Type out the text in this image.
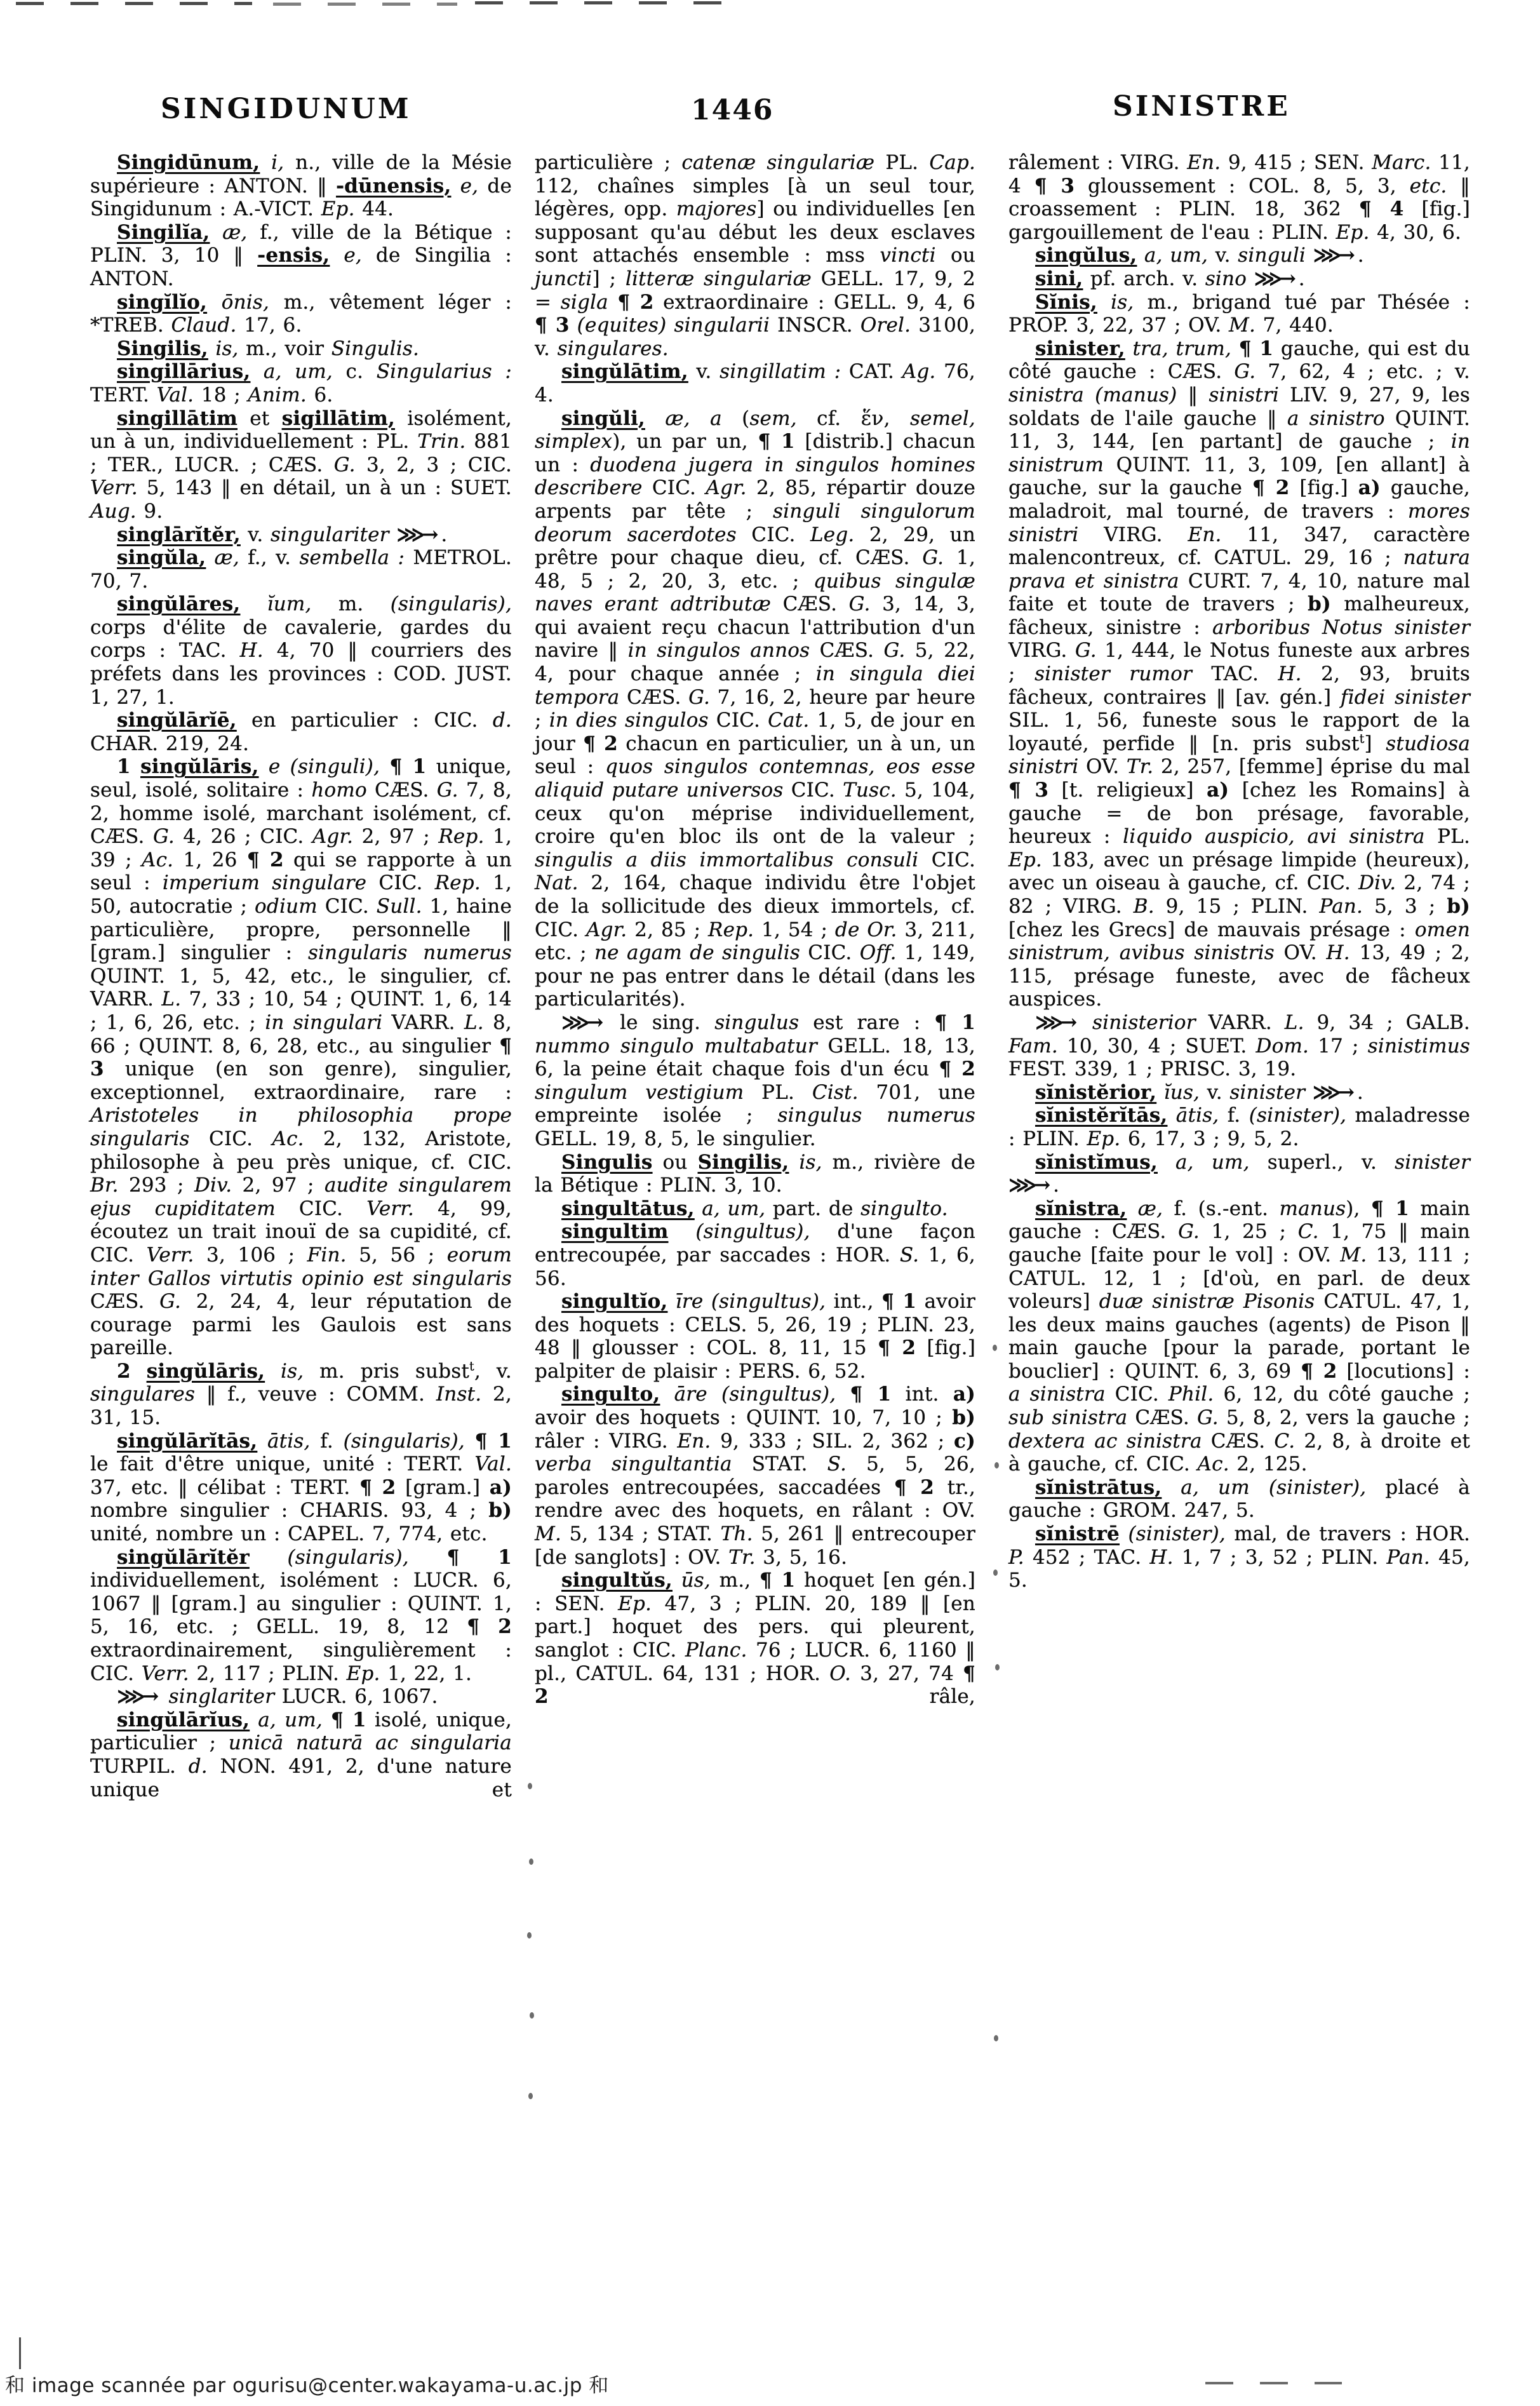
SINGIDUNUM	1446	SINISTRE

Singidūnum, i, n., ville de la Mésie supérieure : ANTON. ‖ -dūnensis, e, de Singidunum : A.-VICT. Ep. 44.

Singilĭa, æ, f., ville de la Bétique : PLIN. 3, 10 ‖ -ensis, e, de Singilia : ANTON.

singĭlĭo, ōnis, m., vêtement léger : *TREB. Claud. 17, 6.

Singilis, is, m., voir Singulis.

singillārius, a, um, c. Singularius : TERT. Val. 18 ; Anim. 6.

singillātim et sigillātim, isolément, un à un, individuellement : PL. Trin. 881 ; TER., LUCR. ; CÆS. G. 3, 2, 3 ; CIC. Verr. 5, 143 ‖ en détail, un à un : SUET. Aug. 9.

singlārĭtĕr, v. singulariter ⋙→ .

singŭla, æ, f., v. sembella : METROL. 70, 7.

singŭlāres, ĭum, m. (singularis), corps d'élite de cavalerie, gardes du corps : TAC. H. 4, 70 ‖ courriers des préfets dans les provinces : COD. JUST. 1, 27, 1.

singŭlārĭē, en particulier : CIC. d. CHAR. 219, 24.

1 singŭlāris, e (singuli), ¶ 1 unique, seul, isolé, solitaire : homo CÆS. G. 7, 8, 2, homme isolé, marchant isolément, cf. CÆS. G. 4, 26 ; CIC. Agr. 2, 97 ; Rep. 1, 39 ; Ac. 1, 26 ¶ 2 qui se rapporte à un seul : imperium singulare CIC. Rep. 1, 50, autocratie ; odium CIC. Sull. 1, haine particulière, propre, personnelle ‖ [gram.] singulier : singularis numerus QUINT. 1, 5, 42, etc., le singulier, cf. VARR. L. 7, 33 ; 10, 54 ; QUINT. 1, 6, 14 ; 1, 6, 26, etc. ; in singulari VARR. L. 8, 66 ; QUINT. 8, 6, 28, etc., au singulier ¶ 3 unique (en son genre), singulier, exceptionnel, extraordinaire, rare : Aristoteles in philosophia prope singularis CIC. Ac. 2, 132, Aristote, philosophe à peu près unique, cf. CIC. Br. 293 ; Div. 2, 97 ; audite singularem ejus cupiditatem CIC. Verr. 4, 99, écoutez un trait inouï de sa cupidité, cf. CIC. Verr. 3, 106 ; Fin. 5, 56 ; eorum inter Gallos virtutis opinio est singularis CÆS. G. 2, 24, 4, leur réputation de courage parmi les Gaulois est sans pareille.

2 singŭlāris, is, m. pris subst$^t$, v. singulares ‖ f., veuve : COMM. Inst. 2, 31, 15.

singŭlārĭtās, ātis, f. (singularis), ¶ 1 le fait d'être unique, unité : TERT. Val. 37, etc. ‖ célibat : TERT. ¶ 2 [gram.] a) nombre singulier : CHARIS. 93, 4 ; b) unité, nombre un : CAPEL. 7, 774, etc.

singŭlārĭtĕr (singularis), ¶ 1 individuellement, isolément : LUCR. 6, 1067 ‖ [gram.] au singulier : QUINT. 1, 5, 16, etc. ; GELL. 19, 8, 12 ¶ 2 extraordinairement, singulièrement : CIC. Verr. 2, 117 ; PLIN. Ep. 1, 22, 1.

⋙→ singlariter LUCR. 6, 1067.

singŭlārĭus, a, um, ¶ 1 isolé, unique, particulier ; unicā naturā ac singularia TURPIL. d. NON. 491, 2, d'une nature unique et

particulière ; catenæ singulariæ PL. Cap. 112, chaînes simples [à un seul tour, légères, opp. majores] ou individuelles [en supposant qu'au début les deux esclaves sont attachés ensemble : mss vincti ou juncti] ; litteræ singulariæ GELL. 17, 9, 2 = sigla ¶ 2 extraordinaire : GELL. 9, 4, 6 ¶ 3 (equites) singularii INSCR. Orel. 3100, v. singulares.

singŭlātim, v. singillatim : CAT. Ag. 76, 4.

singŭli, æ, a (sem, cf. ἕν, semel, simplex), un par un, ¶ 1 [distrib.] chacun un : duodena jugera in singulos homines describere CIC. Agr. 2, 85, répartir douze arpents par tête ; singuli singulorum deorum sacerdotes CIC. Leg. 2, 29, un prêtre pour chaque dieu, cf. CÆS. G. 1, 48, 5 ; 2, 20, 3, etc. ; quibus singulæ naves erant adtributæ CÆS. G. 3, 14, 3, qui avaient reçu chacun l'attribution d'un navire ‖ in singulos annos CÆS. G. 5, 22, 4, pour chaque année ; in singula diei tempora CÆS. G. 7, 16, 2, heure par heure ; in dies singulos CIC. Cat. 1, 5, de jour en jour ¶ 2 chacun en particulier, un à un, un seul : quos singulos contemnas, eos esse aliquid putare universos CIC. Tusc. 5, 104, ceux qu'on méprise individuellement, croire qu'en bloc ils ont de la valeur ; singulis a diis immortalibus consuli CIC. Nat. 2, 164, chaque individu être l'objet de la sollicitude des dieux immortels, cf. CIC. Agr. 2, 85 ; Rep. 1, 54 ; de Or. 3, 211, etc. ; ne agam de singulis CIC. Off. 1, 149, pour ne pas entrer dans le détail (dans les particularités).

⋙→ le sing. singulus est rare : ¶ 1 nummo singulo multabatur GELL. 18, 13, 6, la peine était chaque fois d'un écu ¶ 2 singulum vestigium PL. Cist. 701, une empreinte isolée ; singulus numerus GELL. 19, 8, 5, le singulier.

Singulis ou Singilis, is, m., rivière de la Bétique : PLIN. 3, 10.

singultātus, a, um, part. de singulto.

singultim (singultus), d'une façon entrecoupée, par saccades : HOR. S. 1, 6, 56.

singultĭo, īre (singultus), int., ¶ 1 avoir des hoquets : CELS. 5, 26, 19 ; PLIN. 23, 48 ‖ glousser : COL. 8, 11, 15 ¶ 2 [fig.] palpiter de plaisir : PERS. 6, 52.

singulto, āre (singultus), ¶ 1 int. a) avoir des hoquets : QUINT. 10, 7, 10 ; b) râler : VIRG. En. 9, 333 ; SIL. 2, 362 ; c) verba singultantia STAT. S. 5, 5, 26, paroles entrecoupées, saccadées ¶ 2 tr., rendre avec des hoquets, en râlant : OV. M. 5, 134 ; STAT. Th. 5, 261 ‖ entrecouper [de sanglots] : OV. Tr. 3, 5, 16.

singultŭs, ūs, m., ¶ 1 hoquet [en gén.] : SEN. Ep. 47, 3 ; PLIN. 20, 189 ‖ [en part.] hoquet des pers. qui pleurent, sanglot : CIC. Planc. 76 ; LUCR. 6, 1160 ‖ pl., CATUL. 64, 131 ; HOR. O. 3, 27, 74 ¶ 2 râle,

râlement : VIRG. En. 9, 415 ; SEN. Marc. 11, 4 ¶ 3 gloussement : COL. 8, 5, 3, etc. ‖ croassement : PLIN. 18, 362 ¶ 4 [fig.] gargouillement de l'eau : PLIN. Ep. 4, 30, 6.

singŭlus, a, um, v. singuli ⋙→ .

sini, pf. arch. v. sino ⋙→ .

Sĭnis, is, m., brigand tué par Thésée : PROP. 3, 22, 37 ; OV. M. 7, 440.

sinister, tra, trum, ¶ 1 gauche, qui est du côté gauche : CÆS. G. 7, 62, 4 ; etc. ; v. sinistra (manus) ‖ sinistri LIV. 9, 27, 9, les soldats de l'aile gauche ‖ a sinistro QUINT. 11, 3, 144, [en partant] de gauche ; in sinistrum QUINT. 11, 3, 109, [en allant] à gauche, sur la gauche ¶ 2 [fig.] a) gauche, maladroit, mal tourné, de travers : mores sinistri VIRG. En. 11, 347, caractère malencontreux, cf. CATUL. 29, 16 ; natura prava et sinistra CURT. 7, 4, 10, nature mal faite et toute de travers ; b) malheureux, fâcheux, sinistre : arboribus Notus sinister VIRG. G. 1, 444, le Notus funeste aux arbres ; sinister rumor TAC. H. 2, 93, bruits fâcheux, contraires ‖ [av. gén.] fidei sinister SIL. 1, 56, funeste sous le rapport de la loyauté, perfide ‖ [n. pris subst$^t$] studiosa sinistri OV. Tr. 2, 257, [femme] éprise du mal ¶ 3 [t. religieux] a) [chez les Romains] à gauche = de bon présage, favorable, heureux : liquido auspicio, avi sinistra PL. Ep. 183, avec un présage limpide (heureux), avec un oiseau à gauche, cf. CIC. Div. 2, 74 ; 82 ; VIRG. B. 9, 15 ; PLIN. Pan. 5, 3 ; b) [chez les Grecs] de mauvais présage : omen sinistrum, avibus sinistris OV. H. 13, 49 ; 2, 115, présage funeste, avec de fâcheux auspices.

⋙→ sinisterior VARR. L. 9, 34 ; GALB. Fam. 10, 30, 4 ; SUET. Dom. 17 ; sinistimus FEST. 339, 1 ; PRISC. 3, 19.

sĭnistĕrior, ĭus, v. sinister ⋙→ .

sĭnistĕrĭtās, ātis, f. (sinister), maladresse : PLIN. Ep. 6, 17, 3 ; 9, 5, 2.

sĭnistĭmus, a, um, superl., v. sinister ⋙→ .

sĭnistra, æ, f. (s.-ent. manus), ¶ 1 main gauche : CÆS. G. 1, 25 ; C. 1, 75 ‖ main gauche [faite pour le vol] : OV. M. 13, 111 ; CATUL. 12, 1 ; [d'où, en parl. de deux voleurs] duæ sinistræ Pisonis CATUL. 47, 1, les deux mains gauches (agents) de Pison ‖ main gauche [pour la parade, portant le bouclier] : QUINT. 6, 3, 69 ¶ 2 [locutions] : a sinistra CIC. Phil. 6, 12, du côté gauche ; sub sinistra CÆS. G. 5, 8, 2, vers la gauche ; dextera ac sinistra CÆS. C. 2, 8, à droite et à gauche, cf. CIC. Ac. 2, 125.

sĭnistrātus, a, um (sinister), placé à gauche : GROM. 247, 5.

sĭnistrē (sinister), mal, de travers : HOR. P. 452 ; TAC. H. 1, 7 ; 3, 52 ; PLIN. Pan. 45, 5.

和 image scannée par ogurisu@center.wakayama-u.ac.jp 和
